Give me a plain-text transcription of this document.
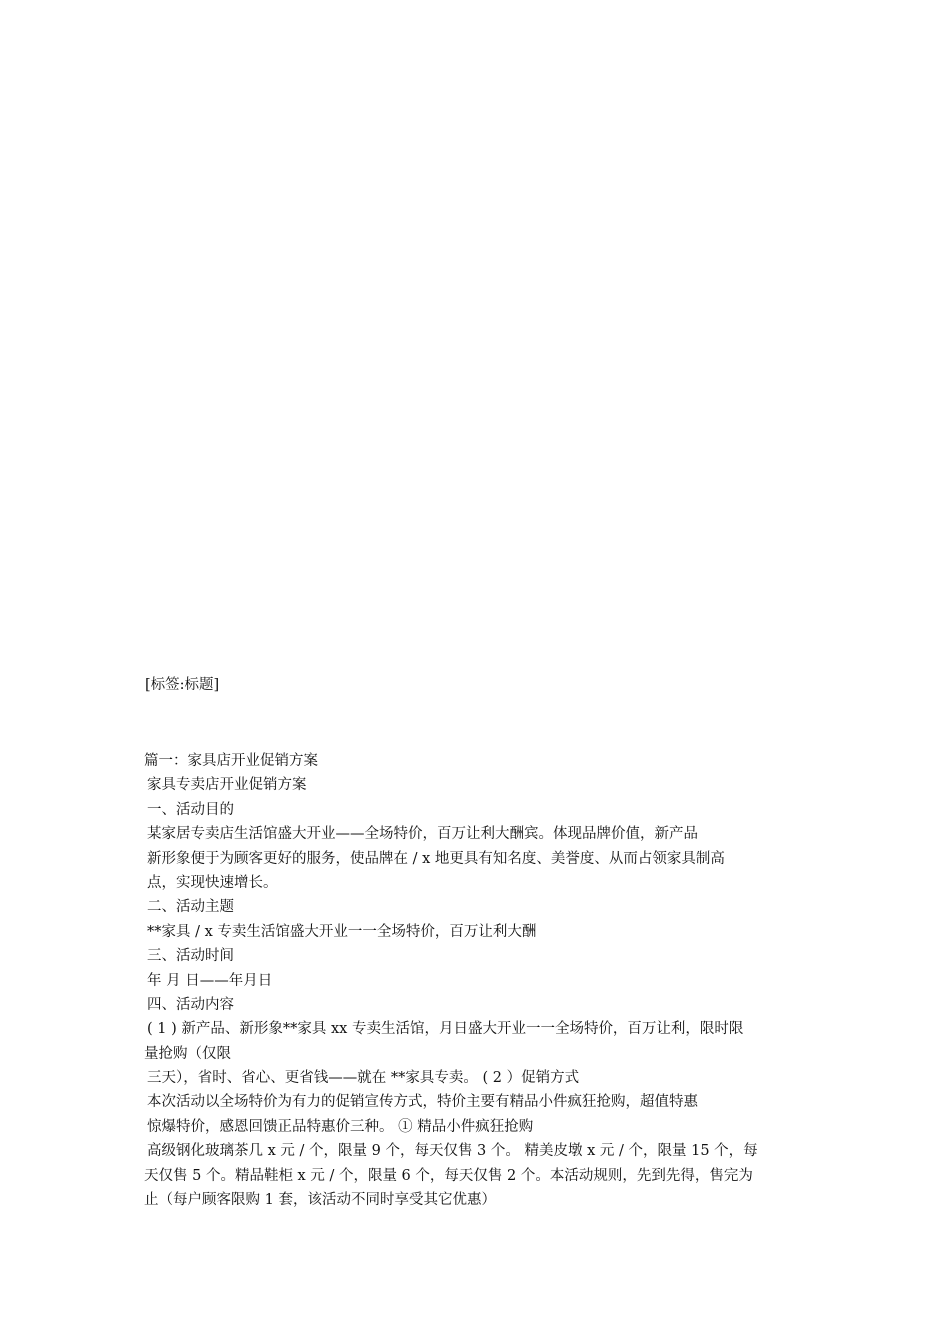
[标签:标题]
篇一：家具店开业促销方案
家具专卖店开业促销方案
一、活动目的
某家居专卖店生活馆盛大开业——全场特价，百万让利大酬宾。体现品牌价值，新产品
新形象便于为顾客更好的服务，使品牌在 / x 地更具有知名度、美誉度、从而占领家具制高
点，实现快速增长。
二、活动主题
**家具 / x 专卖生活馆盛大开业一一全场特价，百万让利大酬
三、活动时间
年 月 日——年月日
四、活动内容
( 1 ) 新产品、新形象**家具 xx 专卖生活馆，月日盛大开业一一全场特价，百万让利，限时限
量抢购（仅限
三天），省时、省心、更省钱——就在 **家具专卖。 ( 2 ）促销方式
本次活动以全场特价为有力的促销宣传方式，特价主要有精品小件疯狂抢购，超值特惠
惊爆特价，感恩回馈正品特惠价三种。 ① 精品小件疯狂抢购
高级钢化玻璃茶几 x 元 / 个，限量 9 个，每天仅售 3 个。 精美皮墩 x 元 / 个，限量 15 个，每
天仅售 5 个。精品鞋柜 x 元 / 个，限量 6 个，每天仅售 2 个。本活动规则，先到先得，售完为
止（每户顾客限购 1 套，该活动不同时享受其它优惠）
